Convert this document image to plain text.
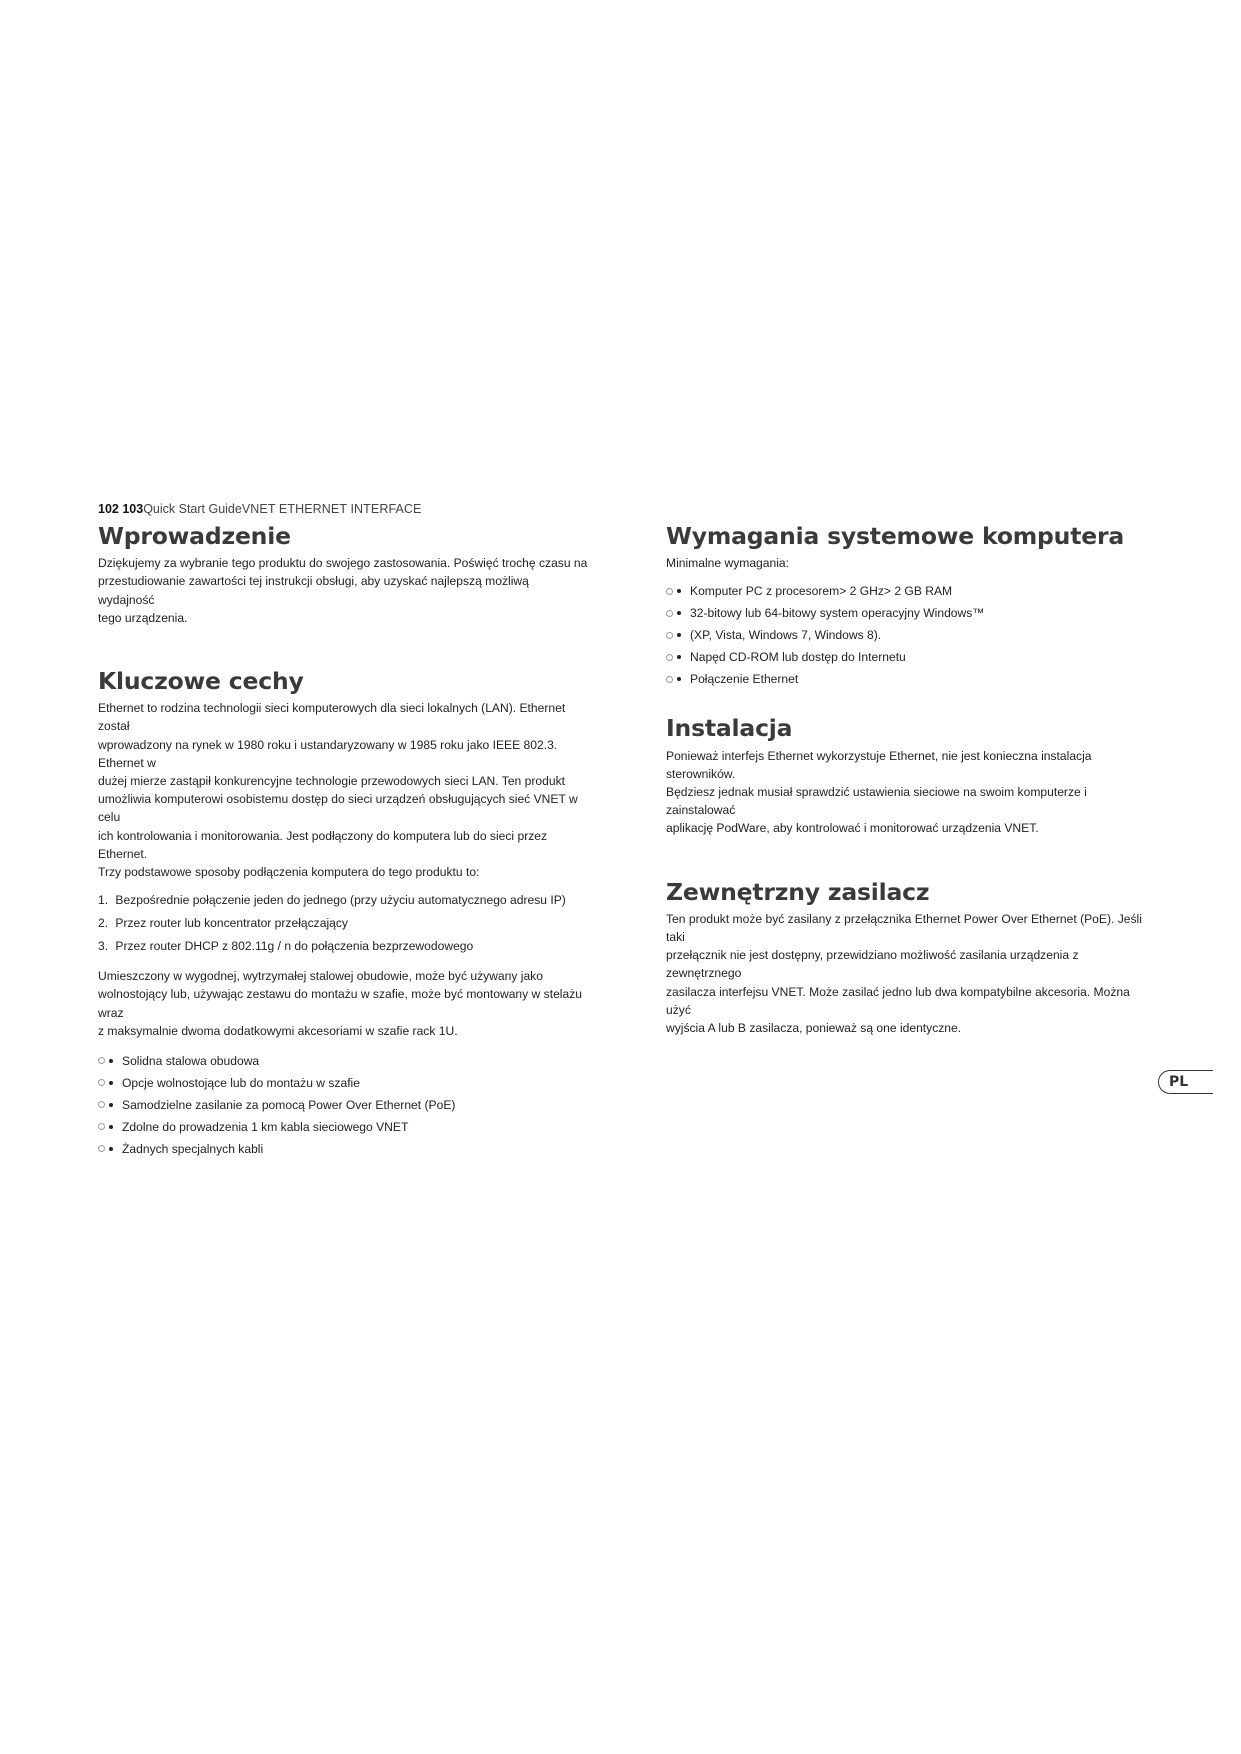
102 103Quick Start GuideVNET ETHERNET INTERFACE
Wprowadzenie

Dziękujemy za wybranie tego produktu do swojego zastosowania. Poświęć trochę czasu na
przestudiowanie zawartości tej instrukcji obsługi, aby uzyskać najlepszą możliwą wydajność
tego urządzenia.

Kluczowe cechy

Ethernet to rodzina technologii sieci komputerowych dla sieci lokalnych (LAN). Ethernet został
wprowadzony na rynek w 1980 roku i ustandaryzowany w 1985 roku jako IEEE 802.3. Ethernet w
dużej mierze zastąpił konkurencyjne technologie przewodowych sieci LAN. Ten produkt
umożliwia komputerowi osobistemu dostęp do sieci urządzeń obsługujących sieć VNET w celu
ich kontrolowania i monitorowania. Jest podłączony do komputera lub do sieci przez Ethernet.
Trzy podstawowe sposoby podłączenia komputera do tego produktu to:

1. Bezpośrednie połączenie jeden do jednego (przy użyciu automatycznego adresu IP)
2. Przez router lub koncentrator przełączający
3. Przez router DHCP z 802.11g / n do połączenia bezprzewodowego

Umieszczony w wygodnej, wytrzymałej stalowej obudowie, może być używany jako
wolnostojący lub, używając zestawu do montażu w szafie, może być montowany w stelażu wraz
z maksymalnie dwoma dodatkowymi akcesoriami w szafie rack 1U.

Solidna stalowa obudowa
Opcje wolnostojące lub do montażu w szafie
Samodzielne zasilanie za pomocą Power Over Ethernet (PoE)
Zdolne do prowadzenia 1 km kabla sieciowego VNET
Żadnych specjalnych kabli
Wymagania systemowe komputera

Minimalne wymagania:

Komputer PC z procesorem> 2 GHz> 2 GB RAM
32-bitowy lub 64-bitowy system operacyjny Windows™
(XP, Vista, Windows 7, Windows 8).
Napęd CD-ROM lub dostęp do Internetu
Połączenie Ethernet
Instalacja

Ponieważ interfejs Ethernet wykorzystuje Ethernet, nie jest konieczna instalacja sterowników.
Będziesz jednak musiał sprawdzić ustawienia sieciowe na swoim komputerze i zainstalować
aplikację PodWare, aby kontrolować i monitorować urządzenia VNET.

Zewnętrzny zasilacz

Ten produkt może być zasilany z przełącznika Ethernet Power Over Ethernet (PoE). Jeśli taki
przełącznik nie jest dostępny, przewidziano możliwość zasilania urządzenia z zewnętrznego
zasilacza interfejsu VNET. Może zasilać jedno lub dwa kompatybilne akcesoria. Można użyć
wyjścia A lub B zasilacza, ponieważ są one identyczne.

PL
